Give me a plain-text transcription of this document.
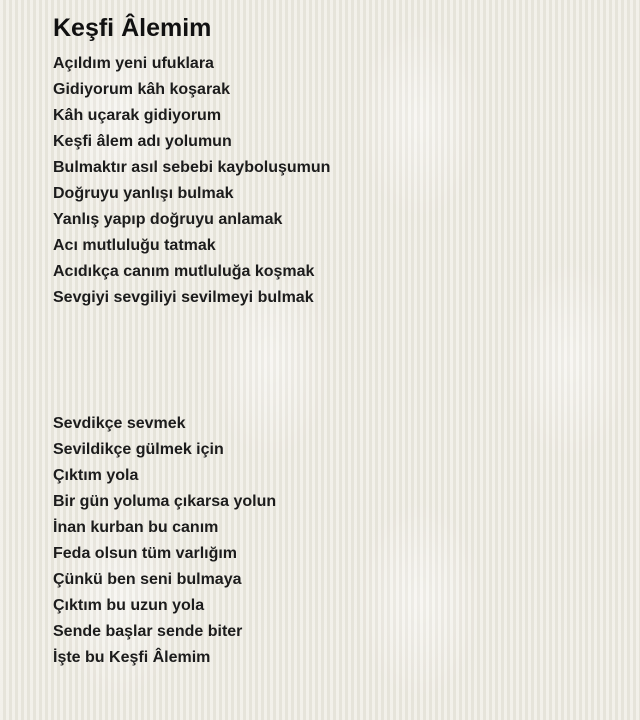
Keşfi Âlemim
Açıldım yeni ufuklara
Gidiyorum kâh koşarak
Kâh uçarak gidiyorum
Keşfi âlem adı yolumun
Bulmaktır asıl sebebi kayboluşumun
Doğruyu yanlışı bulmak
Yanlış yapıp doğruyu anlamak
Acı mutluluğu tatmak
Acıdıkça canım mutluluğa koşmak
Sevgiyi sevgiliyi sevilmeyi bulmak
Sevdikçe sevmek
Sevildikçe gülmek için
Çıktım yola
Bir gün yoluma çıkarsa yolun
İnan kurban bu canım
Feda olsun tüm varlığım
Çünkü ben seni bulmaya
Çıktım bu uzun yola
Sende başlar sende biter
İşte bu Keşfi Âlemim
